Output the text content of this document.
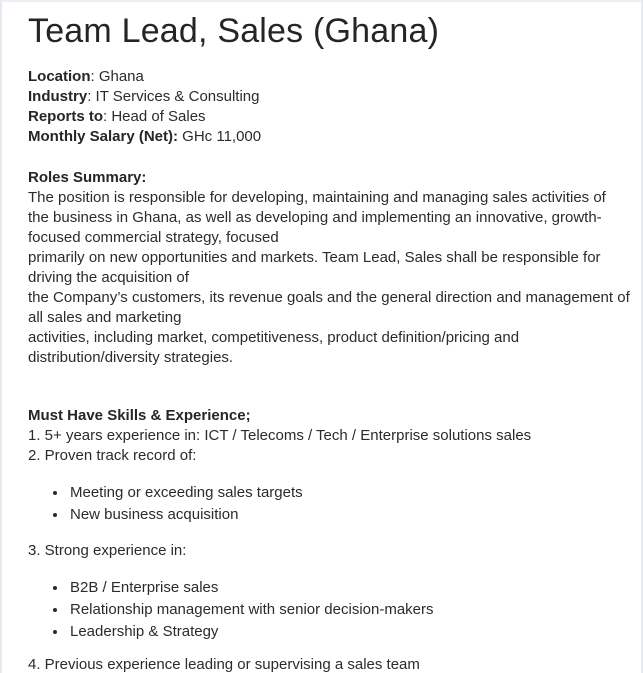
Team Lead, Sales (Ghana)

Location: Ghana
Industry: IT Services & Consulting
Reports to: Head of Sales
Monthly Salary (Net): GHc 11,000

Roles Summary:
The position is responsible for developing, maintaining and managing sales activities of
the business in Ghana, as well as developing and implementing an innovative, growth-
focused commercial strategy, focused
primarily on new opportunities and markets. Team Lead, Sales shall be responsible for
driving the acquisition of
the Company’s customers, its revenue goals and the general direction and management of
all sales and marketing
activities, including market, competitiveness, product definition/pricing and
distribution/diversity strategies.

Must Have Skills & Experience;
1. 5+ years experience in: ICT / Telecoms / Tech / Enterprise solutions sales
2. Proven track record of:

• Meeting or exceeding sales targets
• New business acquisition

3. Strong experience in:

• B2B / Enterprise sales
• Relationship management with senior decision-makers
• Leadership & Strategy

4. Previous experience leading or supervising a sales team
